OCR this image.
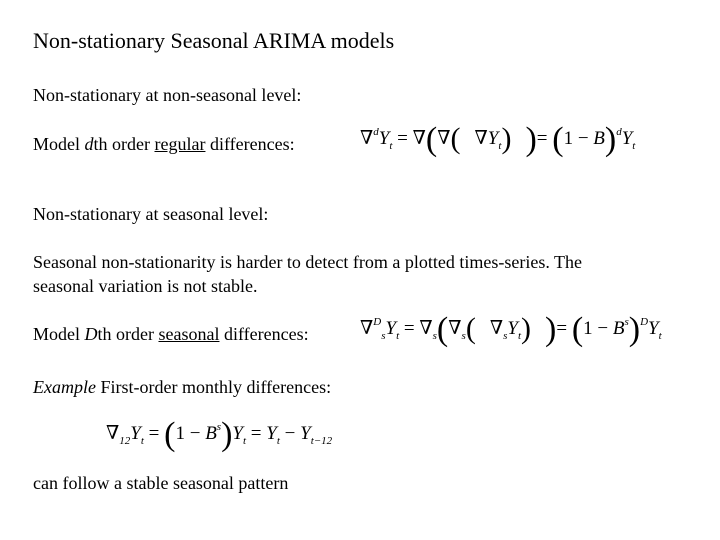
Non-stationary Seasonal ARIMA models
Non-stationary at non-seasonal level:
Model dth order regular differences:	$\nabla^dY_t$ = ∇(∇( $\nabla Y_t$) )= $(1 - B)^dY_t$
Non-stationary at seasonal level:
Seasonal non-stationarity is harder to detect from a plotted times-series. The
seasonal variation is not stable.
Model Dth order seasonal differences:	$\nabla^D_sY_t = \nabla_s(\nabla_s$( $\nabla_sY_t$) )= $(1 - B^s)^DY_t$
Example First-order monthly differences:
$\nabla_{12}Y_t = (1 - B^s)Y_t = Y_t - Y_{t-12}$
can follow a stable seasonal pattern
